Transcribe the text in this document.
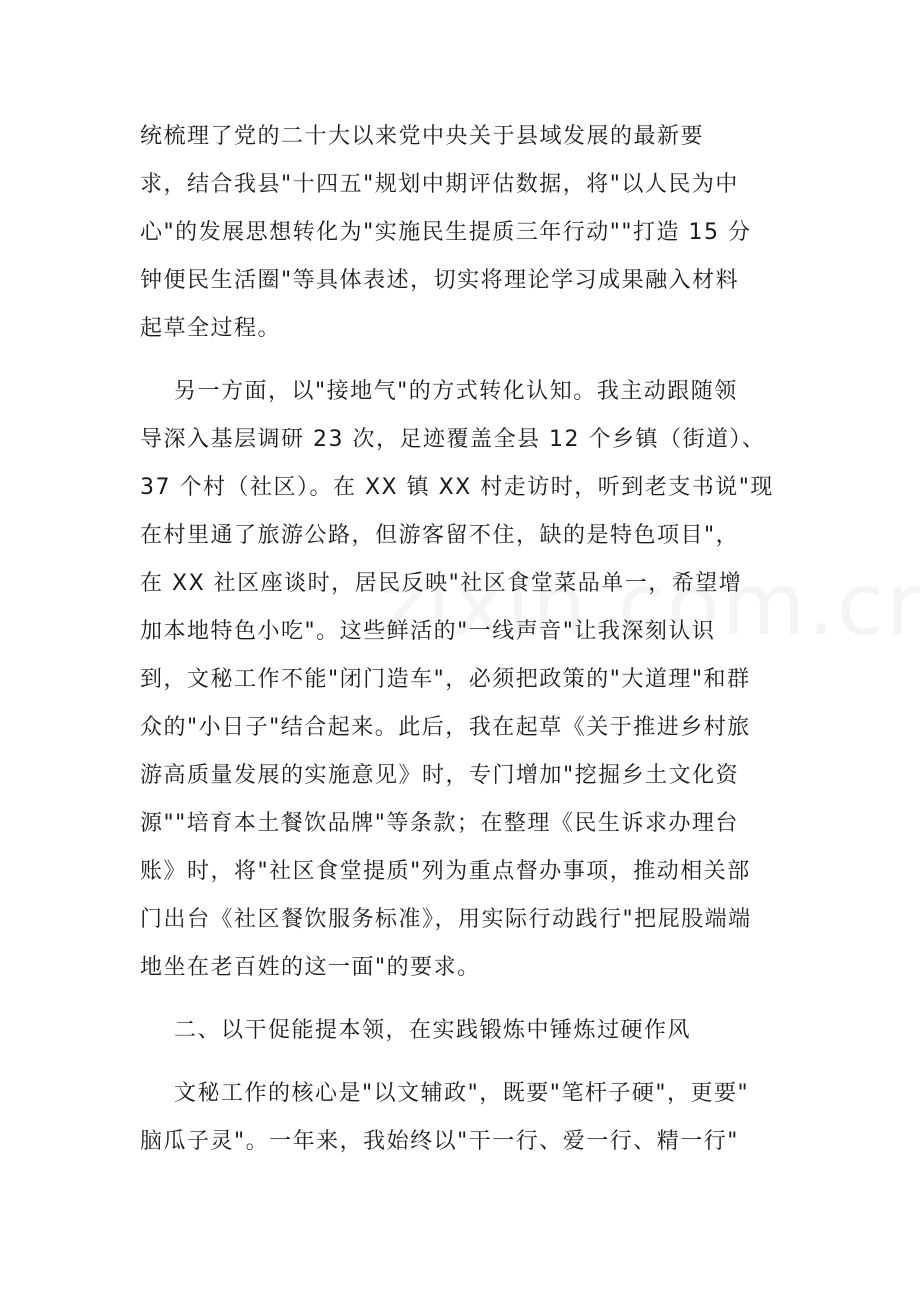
统梳理了党的二十大以来党中央关于县域发展的最新要
求，结合我县"十四五"规划中期评估数据，将"以人民为中
心"的发展思想转化为"实施民生提质三年行动""打造 15 分
钟便民生活圈"等具体表述，切实将理论学习成果融入材料
起草全过程。
另一方面，以"接地气"的方式转化认知。我主动跟随领
导深入基层调研 23 次，足迹覆盖全县 12 个乡镇（街道）、
37 个村（社区）。在 XX 镇 XX 村走访时，听到老支书说"现
在村里通了旅游公路，但游客留不住，缺的是特色项目"，
在 XX 社区座谈时，居民反映"社区食堂菜品单一，希望增
加本地特色小吃"。这些鲜活的"一线声音"让我深刻认识
到，文秘工作不能"闭门造车"，必须把政策的"大道理"和群
众的"小日子"结合起来。此后，我在起草《关于推进乡村旅
游高质量发展的实施意见》时，专门增加"挖掘乡土文化资
源""培育本土餐饮品牌"等条款；在整理《民生诉求办理台
账》时，将"社区食堂提质"列为重点督办事项，推动相关部
门出台《社区餐饮服务标准》，用实际行动践行"把屁股端端
地坐在老百姓的这一面"的要求。
二、以干促能提本领，在实践锻炼中锤炼过硬作风
文秘工作的核心是"以文辅政"，既要"笔杆子硬"，更要"
脑瓜子灵"。一年来，我始终以"干一行、爱一行、精一行"
